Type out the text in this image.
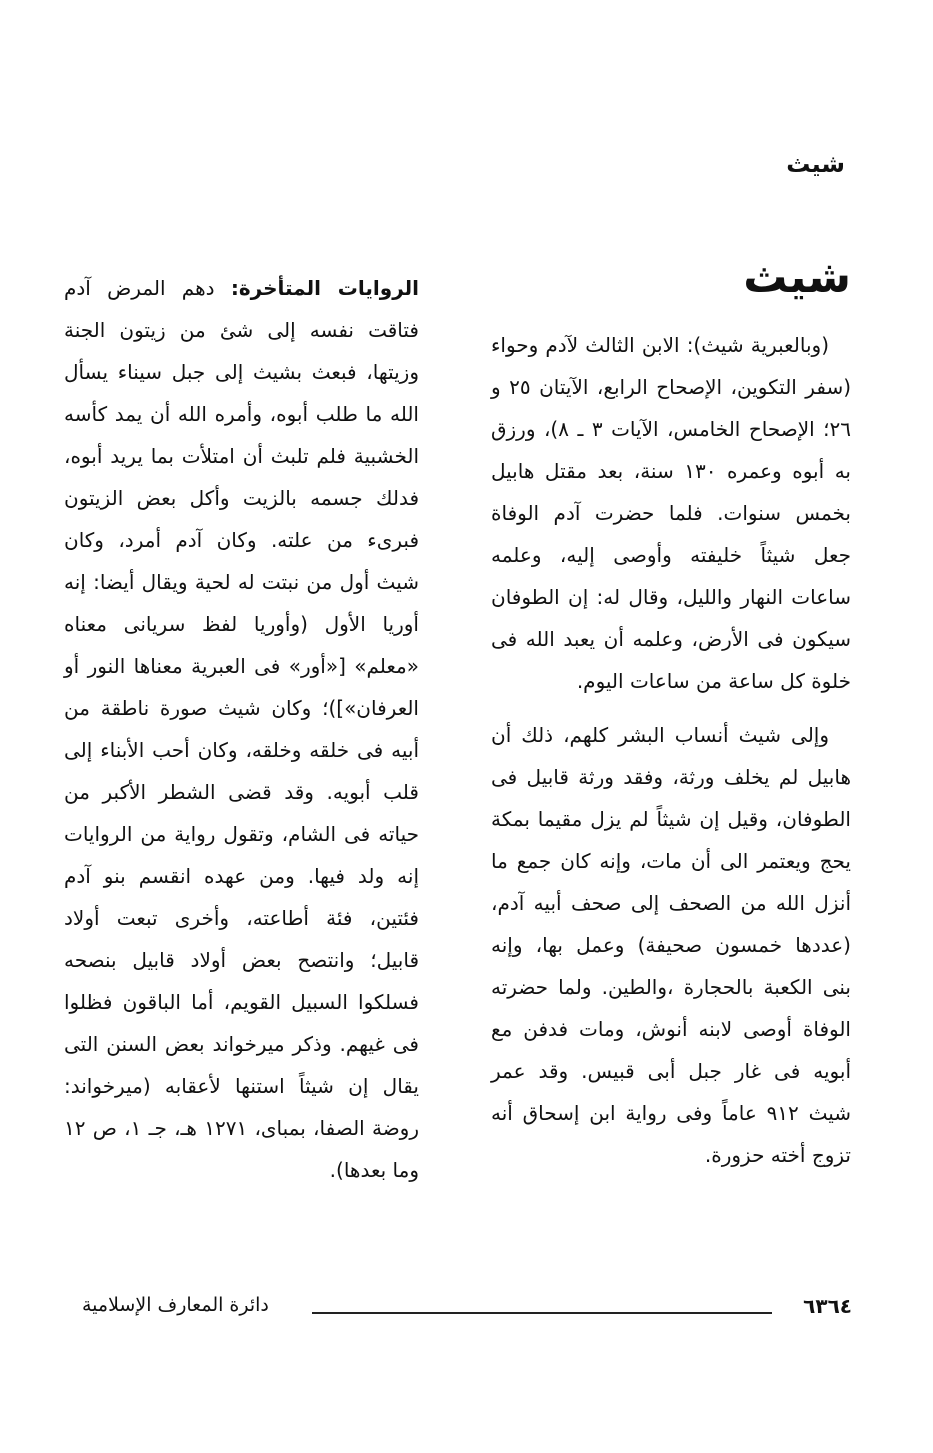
شيث
شيث

(وبالعبرية شيث): الابن الثالث لآدم وحواء (سفر التكوين، الإصحاح الرابع، الآيتان ٢٥ و ٢٦؛ الإصحاح الخامس، الآيات ٣ ـ ٨)، ورزق به أبوه وعمره ١٣٠ سنة، بعد مقتل هابيل بخمس سنوات. فلما حضرت آدم الوفاة جعل شيثاً خليفته وأوصى إليه، وعلمه ساعات النهار والليل، وقال له: إن الطوفان سيكون فى الأرض، وعلمه أن يعبد الله فى خلوة كل ساعة من ساعات اليوم.

وإلى شيث أنساب البشر كلهم، ذلك أن هابيل لم يخلف ورثة، وفقد ورثة قابيل فى الطوفان، وقيل إن شيثاً لم يزل مقيما بمكة يحج ويعتمر الى أن مات، وإنه كان جمع ما أنزل الله من الصحف إلى صحف أبيه آدم،(عددها خمسون صحيفة) وعمل بها، وإنه بنى الكعبة بالحجارة ،والطين. ولما حضرته الوفاة أوصى لابنه أنوش، ومات فدفن مع أبويه فى غار جبل أبى قبيس. وقد عمر شيث ٩١٢ عاماً وفى رواية ابن إسحاق أنه تزوج أخته حزورة.

الروايات المتأخرة: دهم المرض آدم فتاقت نفسه إلى شئ من زيتون الجنة وزيتها، فبعث بشيث إلى جبل سيناء يسأل الله ما طلب أبوه، وأمره الله أن يمد كأسه الخشبية فلم تلبث أن امتلأت بما يريد أبوه، فدلك جسمه بالزيت وأكل بعض الزيتون فبرىء من علته. وكان آدم أمرد، وكان شيث أول من نبتت له لحية ويقال أيضا: إنه أوريا الأول (وأوريا لفظ سريانى معناه «معلم» [«أور» فى العبرية معناها النور أو العرفان»])؛ وكان شيث صورة ناطقة من أبيه فى خلقه وخلقه، وكان أحب الأبناء إلى قلب أبويه. وقد قضى الشطر الأكبر من حياته فى الشام، وتقول رواية من الروايات إنه ولد فيها. ومن عهده انقسم بنو آدم فئتين، فئة أطاعته، وأخرى تبعت أولاد قابيل؛ وانتصح بعض أولاد قابيل بنصحه فسلكوا السبيل القويم، أما الباقون فظلوا فى غيهم. وذكر ميرخواند بعض السنن التى يقال إن شيثاً استنها لأعقابه (ميرخواند: روضة الصفا، بمباى، ١٢٧١ هـ، جـ ١، ص ١٢ وما بعدها).

٦٣٦٤
دائرة المعارف الإسلامية
